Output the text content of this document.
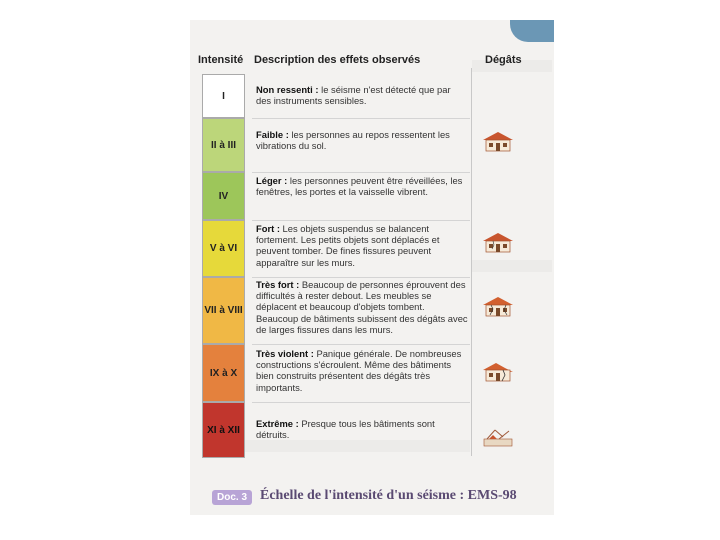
Intensité Description des effets observés	Dégâts
I
Non ressenti : le séisme n'est détecté que par des instruments sensibles.
II à III
Faible : les personnes au repos ressentent les vibrations du sol.
IV
Léger : les personnes peuvent être réveillées, les fenêtres, les portes et la vaisselle vibrent.
V à VI
Fort : Les objets suspendus se balancent fortement. Les petits objets sont déplacés et peuvent tomber. De fines fissures peuvent apparaître sur les murs.
VII à VIII
Très fort : Beaucoup de personnes éprouvent des difficultés à rester debout. Les meubles se déplacent et beaucoup d'objets tombent. Beaucoup de bâtiments subissent des dégâts avec de larges fissures dans les murs.
IX à X
Très violent : Panique générale. De nombreuses constructions s'écroulent. Même des bâtiments bien construits présentent des dégâts très importants.
XI à XII
Extrême : Presque tous les bâtiments sont détruits.
Doc. 3 Échelle de l'intensité d'un séisme : EMS-98
